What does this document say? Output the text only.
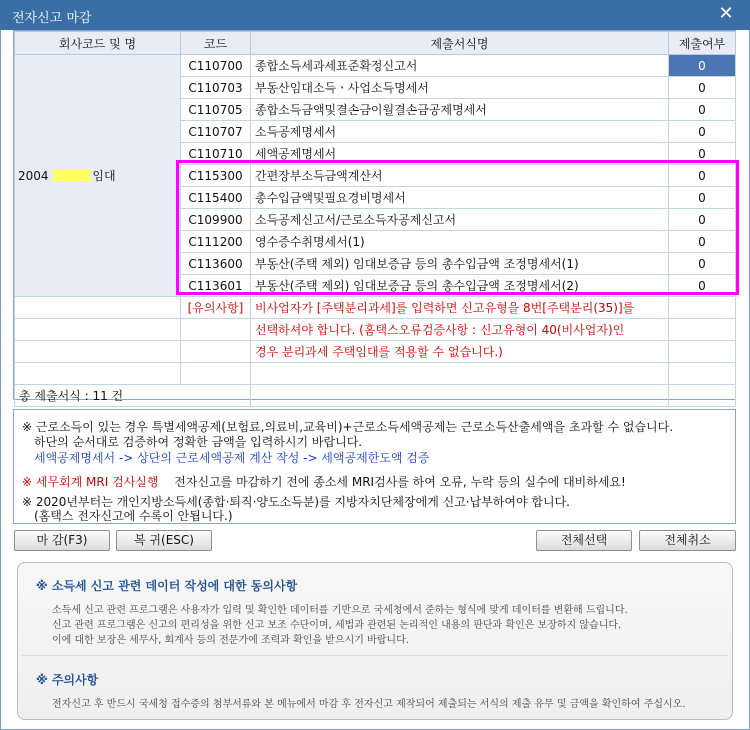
전자신고 마감	✕
회사코드 및 명	코드	제출서식명	제출여부
2004 임대	C110700	종합소득세과세표준확정신고서	0
	C110703	부동산임대소득ㆍ사업소득명세서	0
	C110705	종합소득금액및결손금이월결손금공제명세서	0
	C110707	소득공제명세서	0
	C110710	세액공제명세서	0
	C115300	간편장부소득금액계산서	0
	C115400	총수입금액및필요경비명세서	0
	C109900	소득공제신고서/근로소득자공제신고서	0
	C111200	영수증수취명세서(1)	0
	C113600	부동산(주택 제외) 임대보증금 등의 총수입금액 조정명세서(1)	0
	C113601	부동산(주택 제외) 임대보증금 등의 총수입금액 조정명세서(2)	0
	[유의사항]	비사업자가 [주택분리과세]를 입력하면 신고유형을 8번[주택분리(35)]를	
		선택하셔야 합니다. (홈택스오류검증사항 : 신고유형이 40(비사업자)인	
		경우 분리과세 주택임대를 적용할 수 없습니다.)	

총 제출서식 : 11 건			
※ 근로소득이 있는 경우 특별세액공제(보험료,의료비,교육비)+근로소득세액공제는 근로소득산출세액을 초과할 수 없습니다.
하단의 순서대로 검증하여 정확한 금액을 입력하시기 바랍니다.
세액공제명세서 -> 상단의 근로세액공제 계산 작성 -> 세액공제한도액 검증
※ 세무회계 MRI 검사실행 전자신고를 마감하기 전에 종소세 MRI검사를 하여 오류, 누락 등의 실수에 대비하세요!
※ 2020년부터는 개인지방소득세(종합·퇴직·양도소득분)를 지방자치단체장에게 신고·납부하여야 합니다.
(홈택스 전자신고에 수록이 안됩니다.)
마 감(F3)	복 귀(ESC)	전체선택	전체취소
※ 소득세 신고 관련 데이터 작성에 대한 동의사항
소득세 신고 관련 프로그램은 사용자가 입력 및 확인한 데이터를 기반으로 국세청에서 준하는 형식에 맞게 데이터를 변환해 드립니다.
신고 관련 프로그램은 신고의 편리성을 위한 신고 보조 수단이며, 세법과 관련된 논리적인 내용의 판단과 확인은 보장하지 않습니다.
이에 대한 보장은 세무사, 회계사 등의 전문가에 조력과 확인을 받으시기 바랍니다.
※ 주의사항
전자신고 후 반드시 국세청 접수증의 첨부서류와 본 메뉴에서 마감 후 전자신고 제작되어 제출되는 서식의 제출 유무 및 금액을 확인하여 주십시오.
